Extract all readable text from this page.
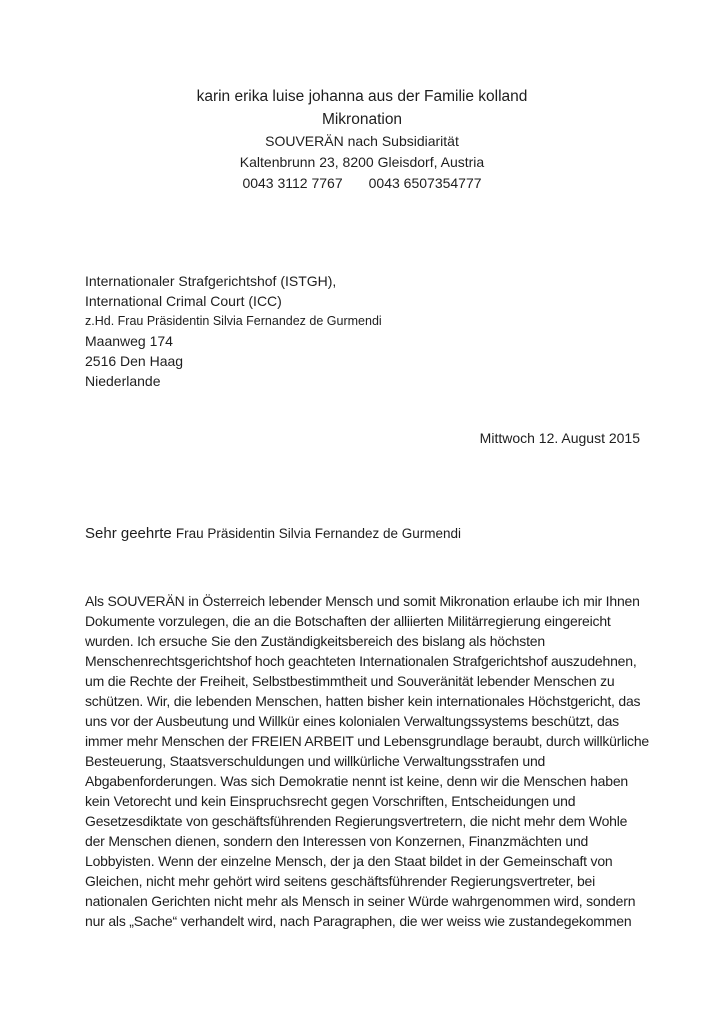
karin erika luise johanna aus der Familie kolland
Mikronation
SOUVERÄN nach Subsidiarität
Kaltenbrunn 23, 8200 Gleisdorf, Austria
0043 3112 7767 0043 6507354777
Internationaler Strafgerichtshof (ISTGH),
International Crimal Court (ICC)
z.Hd. Frau Präsidentin Silvia Fernandez de Gurmendi
Maanweg 174
2516 Den Haag
Niederlande
Mittwoch 12. August 2015
Sehr geehrte Frau Präsidentin Silvia Fernandez de Gurmendi
Als SOUVERÄN in Österreich lebender Mensch und somit Mikronation erlaube ich mir Ihnen
Dokumente vorzulegen, die an die Botschaften der alliierten Militärregierung eingereicht
wurden. Ich ersuche Sie den Zuständigkeitsbereich des bislang als höchsten
Menschenrechtsgerichtshof hoch geachteten Internationalen Strafgerichtshof auszudehnen,
um die Rechte der Freiheit, Selbstbestimmtheit und Souveränität lebender Menschen zu
schützen. Wir, die lebenden Menschen, hatten bisher kein internationales Höchstgericht, das
uns vor der Ausbeutung und Willkür eines kolonialen Verwaltungssystems beschützt, das
immer mehr Menschen der FREIEN ARBEIT und Lebensgrundlage beraubt, durch willkürliche
Besteuerung, Staatsverschuldungen und willkürliche Verwaltungsstrafen und
Abgabenforderungen. Was sich Demokratie nennt ist keine, denn wir die Menschen haben
kein Vetorecht und kein Einspruchsrecht gegen Vorschriften, Entscheidungen und
Gesetzesdiktate von geschäftsführenden Regierungsvertretern, die nicht mehr dem Wohle
der Menschen dienen, sondern den Interessen von Konzernen, Finanzmächten und
Lobbyisten. Wenn der einzelne Mensch, der ja den Staat bildet in der Gemeinschaft von
Gleichen, nicht mehr gehört wird seitens geschäftsführender Regierungsvertreter, bei
nationalen Gerichten nicht mehr als Mensch in seiner Würde wahrgenommen wird, sondern
nur als „Sache“ verhandelt wird, nach Paragraphen, die wer weiss wie zustandegekommen
